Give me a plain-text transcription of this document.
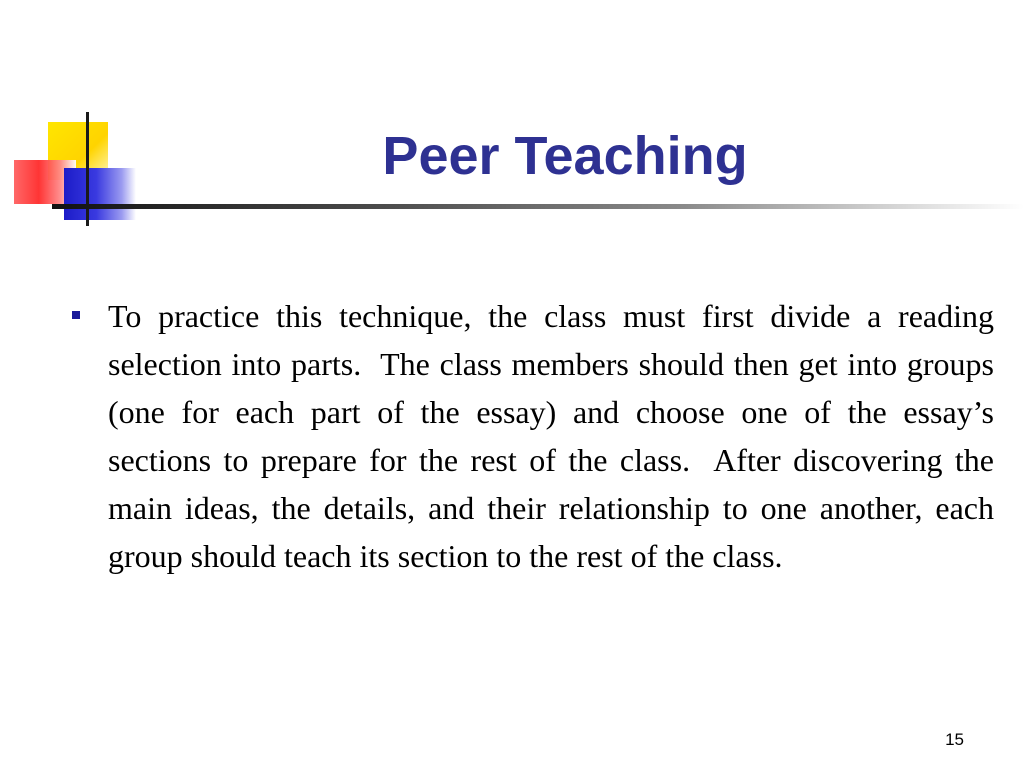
Peer Teaching

To practice this technique, the class must first divide a reading selection into parts.  The class members should then get into groups (one for each part of the essay) and choose one of the essay’s sections to prepare for the rest of the class.  After discovering the main ideas, the details, and their relationship to one another, each group should teach its section to the rest of the class.

15
